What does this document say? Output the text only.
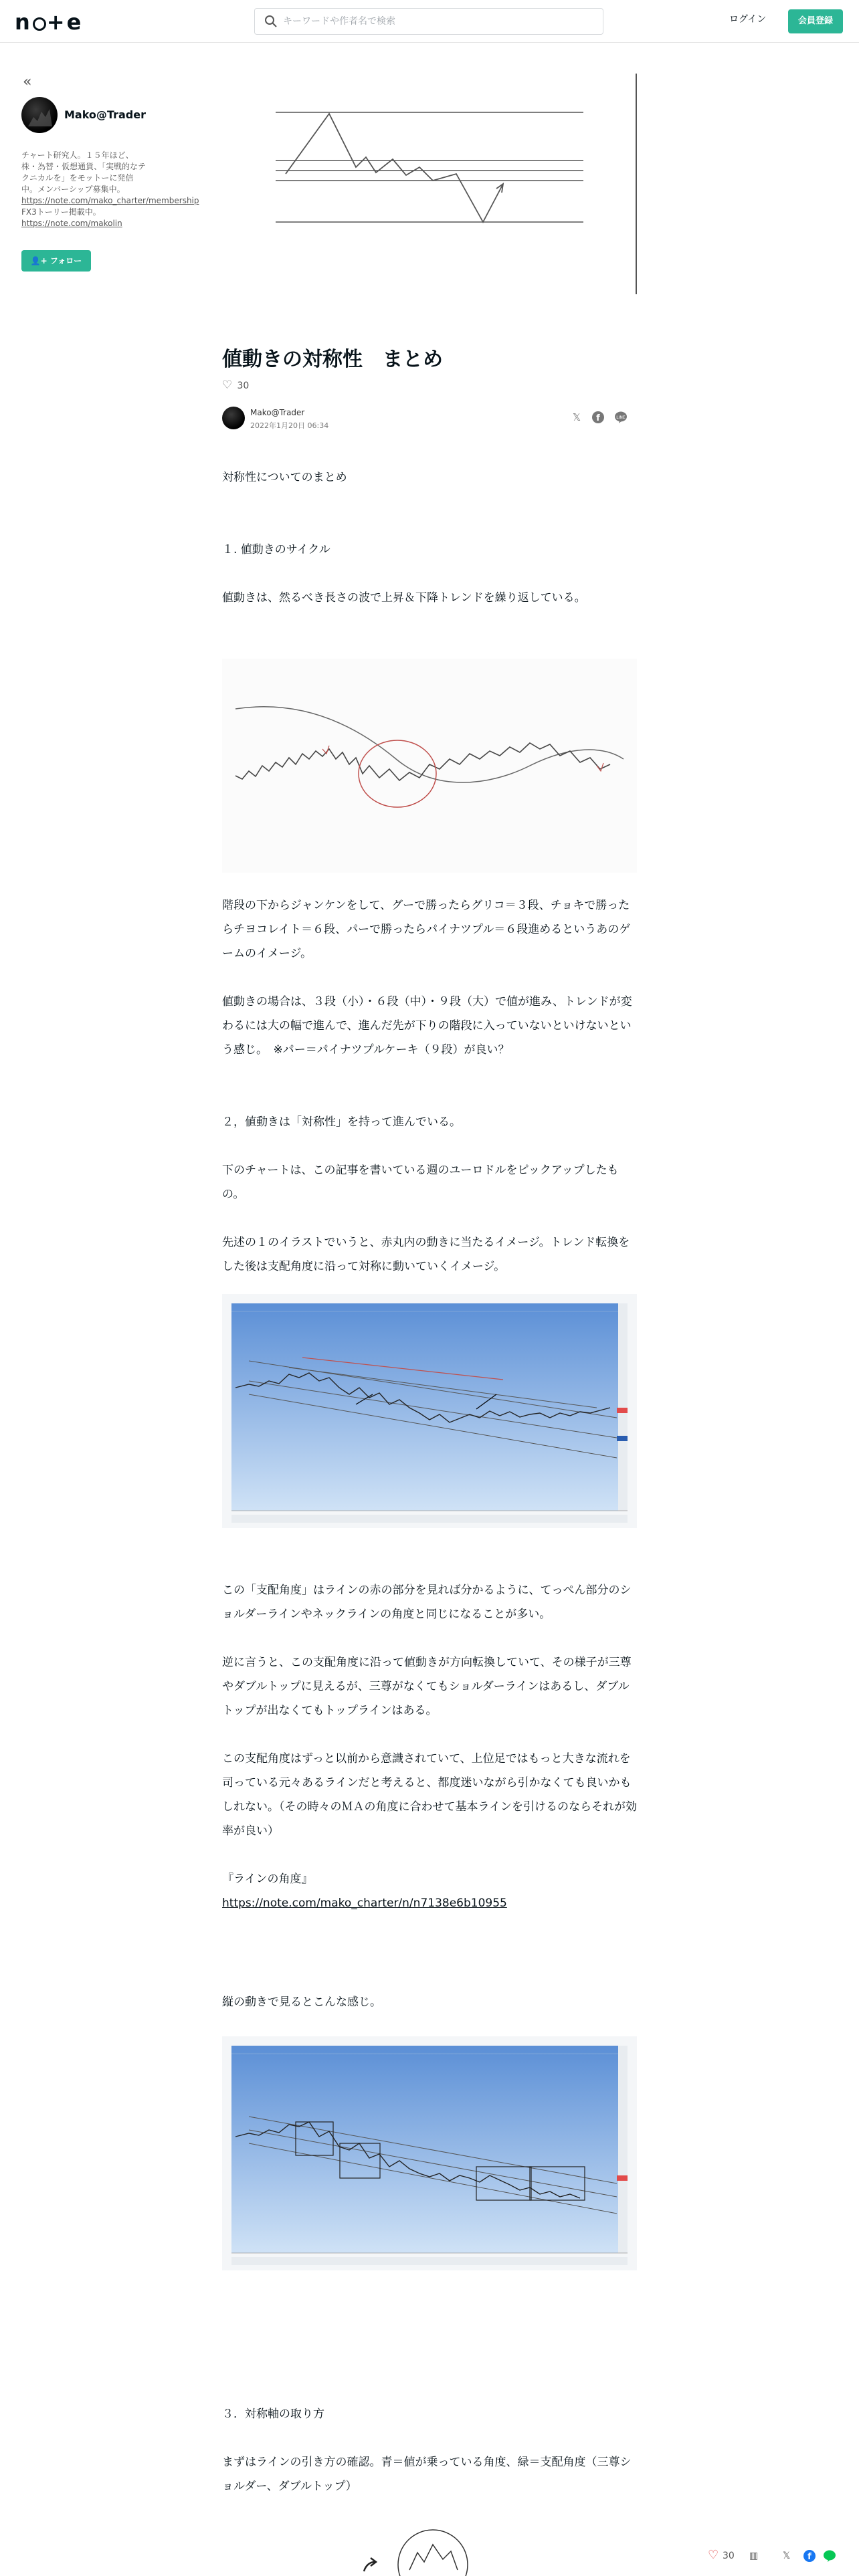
n +e
キーワードや作者名で検索	ログイン	会員登録
«
Mako@Trader
チャート研究人。１５年ほど、株・為替・仮想通貨、「実戦的なテクニカルを」をモットーに発信中。メンバーシップ募集中。
https://note.com/mako_charter/membership FX3トーリー掲載中。
https://note.com/makolin
👤+ フォロー
値動きの対称性　まとめ
♡ 30
Mako@Trader
2022年1月20日 06:34
𝕏	f	LINE

対称性についてのまとめ

１. 値動きのサイクル

値動きは、然るべき長さの波で上昇＆下降トレンドを繰り返している。

階段の下からジャンケンをして、グーで勝ったらグリコ＝３段、チョキで勝ったらチヨコレイト＝６段、パーで勝ったらパイナツプル＝６段進めるというあのゲームのイメージ。

値動きの場合は、３段（小）・６段（中）・９段（大）で値が進み、トレンドが変わるには大の幅で進んで、進んだ先が下りの階段に入っていないといけないという感じ。　※パー＝パイナツプルケーキ（９段）が良い？

２，値動きは「対称性」を持って進んでいる。

下のチャートは、この記事を書いている週のユーロドルをピックアップしたもの。

先述の１のイラストでいうと、赤丸内の動きに当たるイメージ。トレンド転換をした後は支配角度に沿って対称に動いていくイメージ。

この「支配角度」はラインの赤の部分を見れば分かるように、てっぺん部分のショルダーラインやネックラインの角度と同じになることが多い。

逆に言うと、この支配角度に沿って値動きが方向転換していて、その様子が三尊やダブルトップに見えるが、三尊がなくてもショルダーラインはあるし、ダブルトップが出なくてもトップラインはある。

この支配角度はずっと以前から意識されていて、上位足ではもっと大きな流れを司っている元々あるラインだと考えると、都度迷いながら引かなくても良いかもしれない。（その時々のＭＡの角度に合わせて基本ラインを引けるのならそれが効率が良い）

『ラインの角度』

https://note.com/mako_charter/n/n7138e6b10955

縦の動きで見るとこんな感じ。

３．対称軸の取り方

まずはラインの引き方の確認。青＝値が乗っている角度、緑＝支配角度（三尊ショルダー、ダブルトップ）

♡ 30 ▥	𝕏 f
